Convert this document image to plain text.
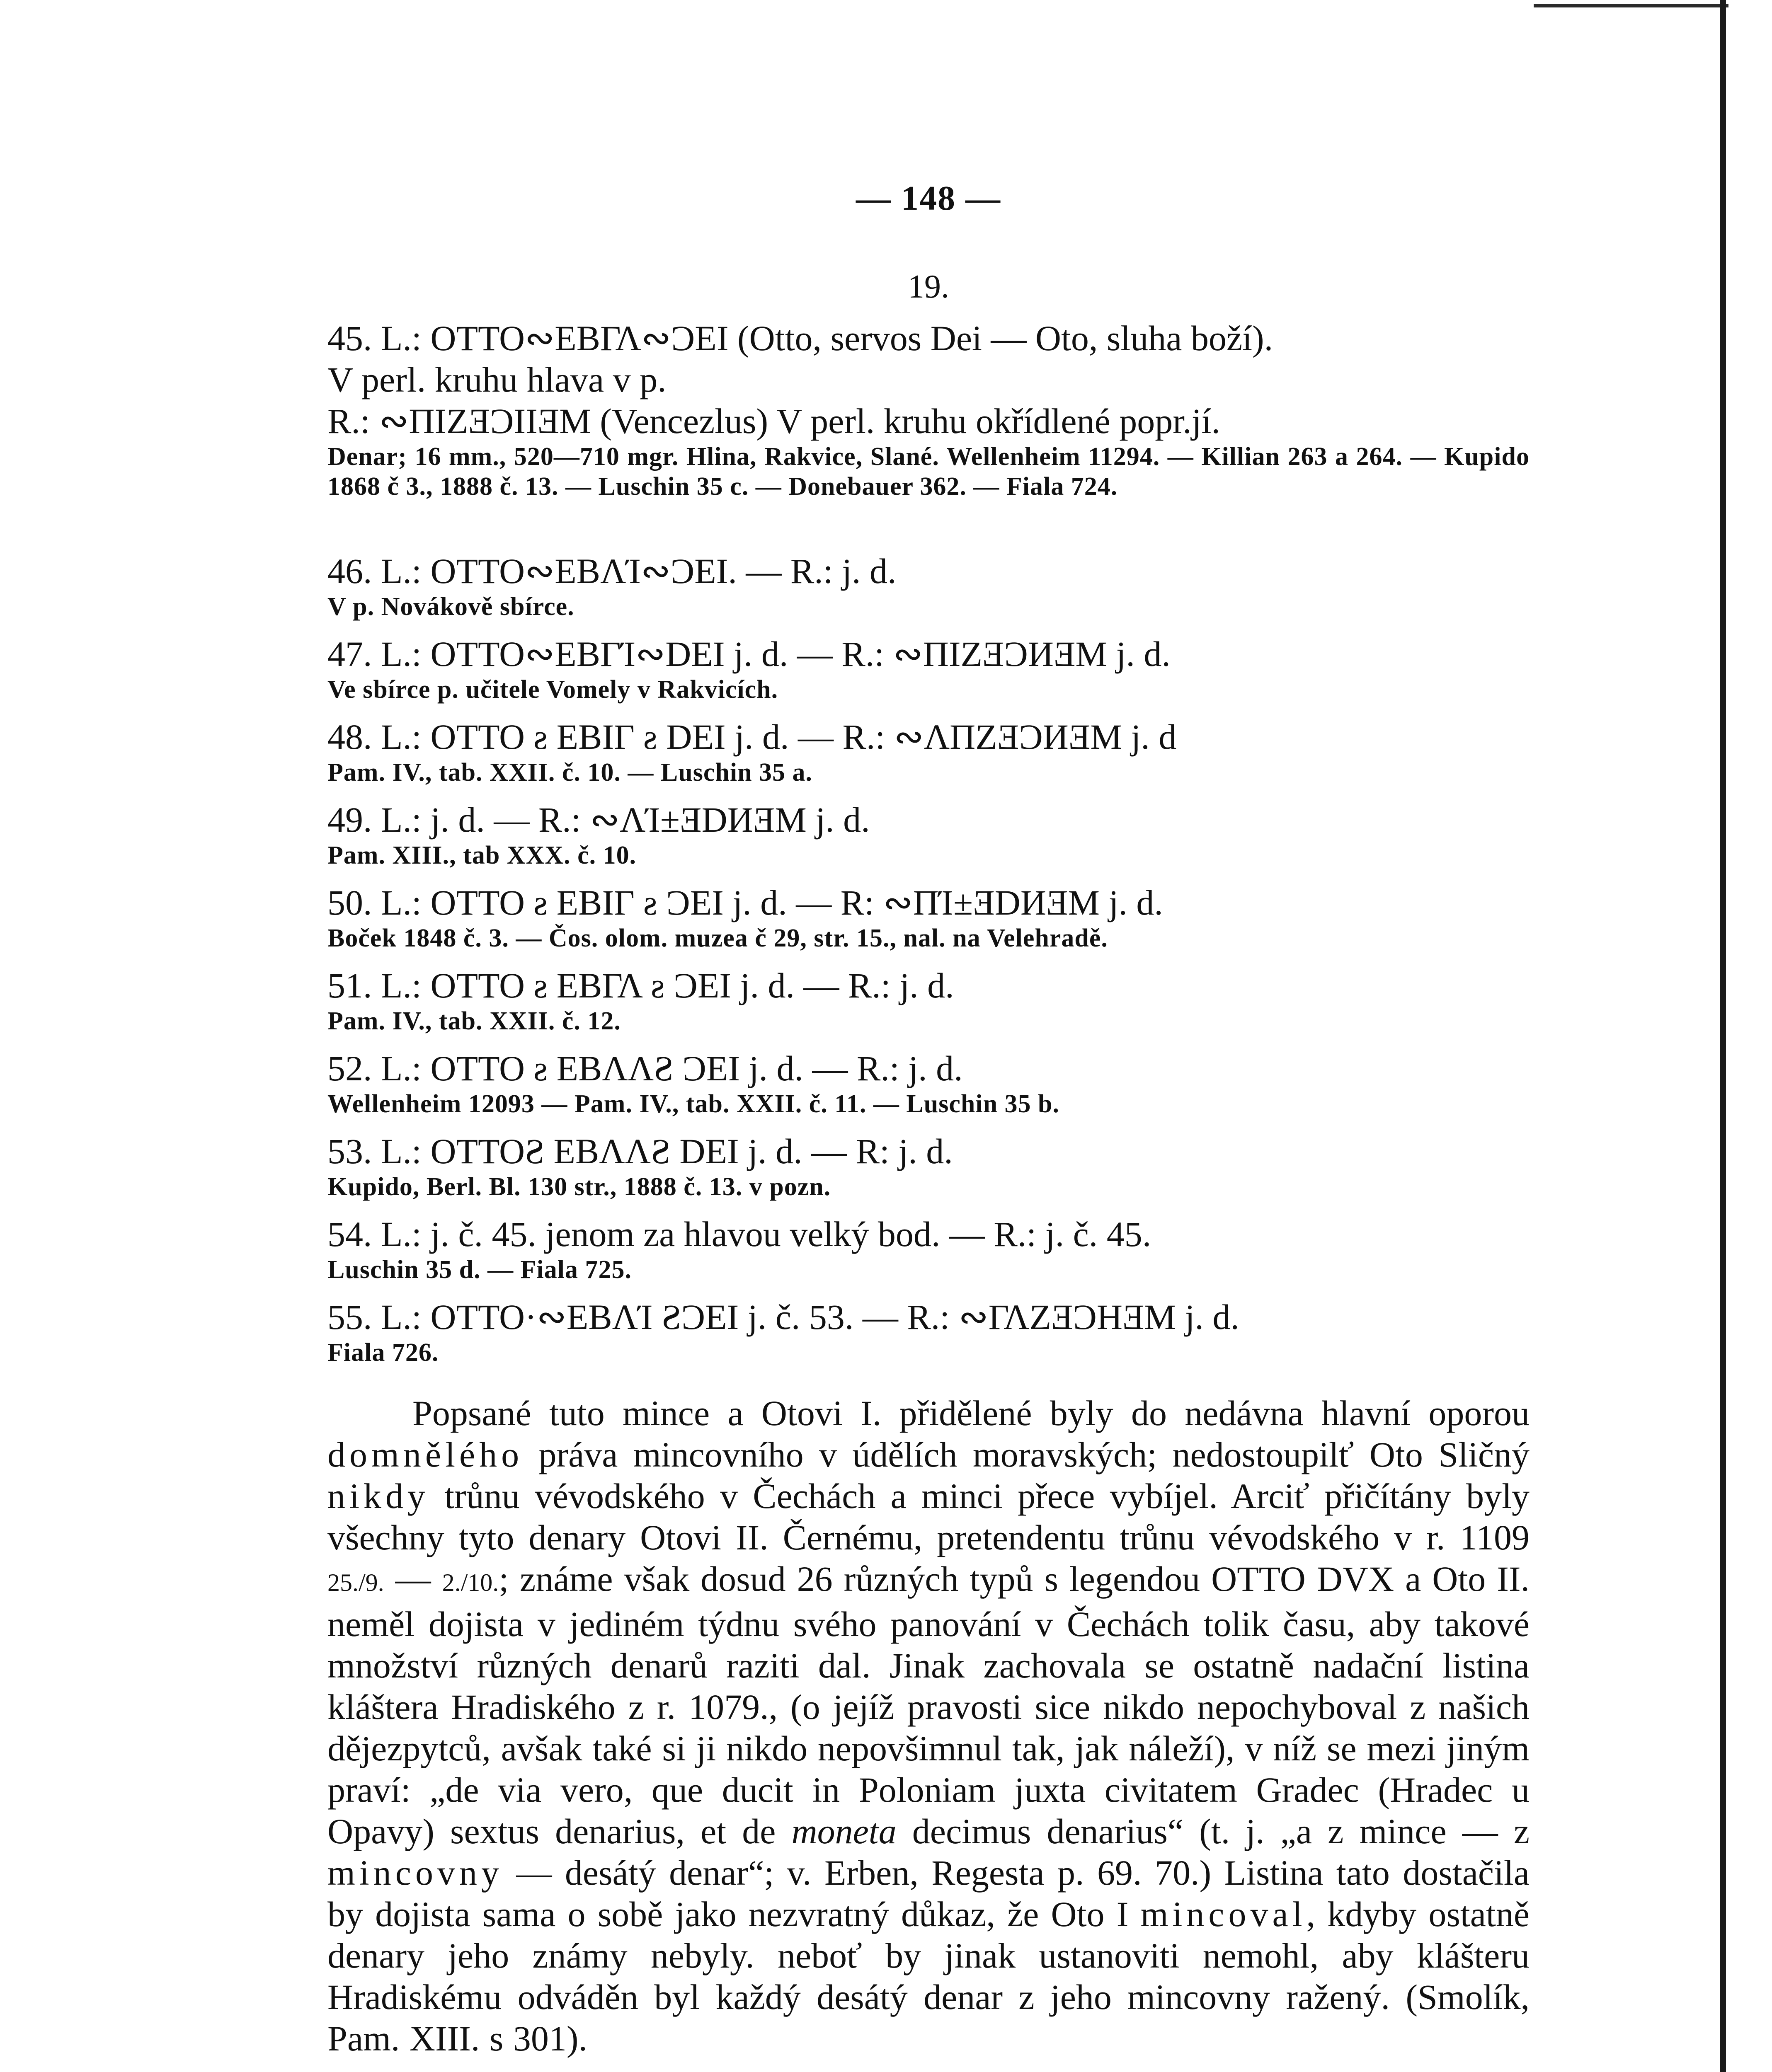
— 148 —
19.

45. L.: OTTO∾EBΓΛ∾ƆEI (Otto, servos Dei — Oto, sluha boží).

V perl. kruhu hlava v p.

R.: ∾ΠIZƎƆIIƎM (Vencezlus) V perl. kruhu okřídlené popr.jí.

Denar; 16 mm., 520—710 mgr. Hlina, Rakvice, Slané. Wellenheim 11294. — Killian 263 a 264. — Kupido 1868 č 3., 1888 č. 13. — Luschin 35 c. — Donebauer 362. — Fiala 724.

46. L.: OTTO∾EBΛΊ∾ƆEI. — R.: j. d.

V p. Novákově sbírce.

47. L.: OTTO∾EBΓΊ∾DEI j. d. — R.: ∾ΠIZƎƆИƎM j. d.

Ve sbírce p. učitele Vomely v Rakvicích.

48. L.: OTTO ƨ EBIΓ ƨ DEI j. d. — R.: ∾ΛΠZƎƆИƎM j. d

Pam. IV., tab. XXII. č. 10. — Luschin 35 a.

49. L.: j. d. — R.: ∾ΛΊ±ƎDИƎM j. d.

Pam. XIII., tab XXX. č. 10.

50. L.: OTTO ƨ EBIΓ ƨ ƆEI j. d. — R: ∾ΠΊ±ƎDИƎM j. d.

Boček 1848 č. 3. — Čos. olom. muzea č 29, str. 15., nal. na Velehradě.

51. L.: OTTO ƨ EBΓΛ ƨ ƆEI j. d. — R.: j. d.

Pam. IV., tab. XXII. č. 12.

52. L.: OTTO ƨ EBΛΛƧ ƆEI j. d. — R.: j. d.

Wellenheim 12093 — Pam. IV., tab. XXII. č. 11. — Luschin 35 b.

53. L.: OTTOƧ EBΛΛƧ DEI j. d. — R: j. d.

Kupido, Berl. Bl. 130 str., 1888 č. 13. v pozn.

54. L.: j. č. 45. jenom za hlavou velký bod. — R.: j. č. 45.

Luschin 35 d. — Fiala 725.

55. L.: OTTO·∾EBΛΊ ƧƆEI j. č. 53. — R.: ∾ΓΛZƎƆHƎM j. d.

Fiala 726.

Popsané tuto mince a Otovi I. přidělené byly do nedávna hlavní oporou domnělého práva mincovního v údělích moravských; nedostoupilť Oto Sličný nikdy trůnu vévodského v Čechách a minci přece vybíjel. Arciť přičítány byly všechny tyto denary Otovi II. Černému, pretendentu trůnu vévodského v r. 1109 25./9. — 2./10.; známe však dosud 26 různých typů s legendou OTTO DVX a Oto II. neměl dojista v jediném týdnu svého panování v Čechách tolik času, aby takové množství různých denarů raziti dal. Jinak zachovala se ostatně nadační listina kláštera Hradiského z r. 1079., (o jejíž pravosti sice nikdo nepochyboval z našich dějezpytců, avšak také si ji nikdo nepovšimnul tak, jak náleží), v níž se mezi jiným praví: „de via vero, que ducit in Poloniam juxta civitatem Gradec (Hradec u Opavy) sextus denarius, et de moneta decimus denarius“ (t. j. „a z mince — z mincovny — desátý denar“; v. Erben, Regesta p. 69. 70.) Listina tato dostačila by dojista sama o sobě jako nezvratný důkaz, že Oto I mincoval, kdyby ostatně denary jeho známy nebyly. neboť by jinak ustanoviti nemohl, aby klášteru Hradiskému odváděn byl každý desátý denar z jeho mincovny ražený. (Smolík, Pam. XIII. s 301).
